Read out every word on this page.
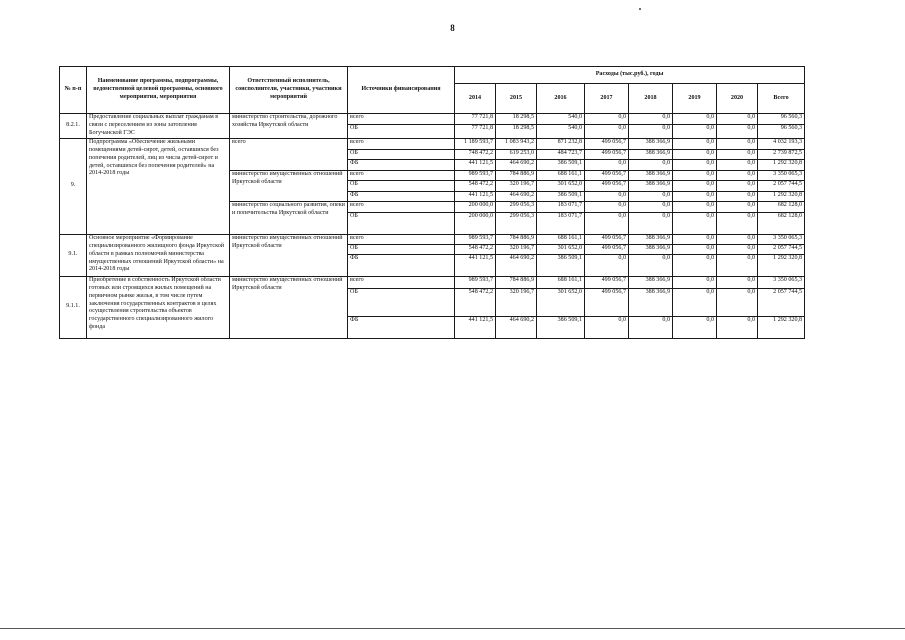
8
№ п-п	Наименование программы, подпрограммы, ведомственной целевой программы, основного мероприятия, мероприятия	Ответственный исполнитель, соисполнители, участники, участники мероприятий	Источники финансирования	Расходы (тыс.руб.), годы							
				2014	2015	2016	2017	2018	2019	2020	Всего
8.2.1.	Предоставление социальных выплат гражданам в связи с переселением из зоны затопления Богучанской ГЭС	министерство строительства, дорожного хозяйства Иркутской области	всего	77 721,8	18 298,5	540,0	0,0	0,0	0,0	0,0	96 560,3
			ОБ	77 721,8	18 298,5	540,0	0,0	0,0	0,0	0,0	96 560,3
9.	Подпрограмма «Обеспечение жильными помещениями детей-сирот, детей, оставшихся без попечения родителей, лиц из числа детей-сирот и детей, оставшихся без попечения родителей» на 2014-2018 годы	всего	всего	1 189 593,7	1 083 943,2	871 232,8	499 056,7	388 366,9	0,0	0,0	4 032 193,3
			ОБ	748 472,2	619 253,0	484 723,7	499 056,7	388 366,9	0,0	0,0	2 739 872,5
			ФБ	441 121,5	464 690,2	386 509,1	0,0	0,0	0,0	0,0	1 292 320,8
		министерство имущественных отношений Иркутской области	всего	989 593,7	784 886,9	688 161,1	499 056,7	388 366,9	0,0	0,0	3 350 065,3
			ОБ	548 472,2	320 196,7	301 652,0	499 056,7	388 366,9	0,0	0,0	2 057 744,5
			ФБ	441 121,5	464 690,2	386 509,1	0,0	0,0	0,0	0,0	1 292 320,8
		министерство социального развития, опеки и попечительства Иркутской области	всего	200 000,0	299 056,3	183 071,7	0,0	0,0	0,0	0,0	682 128,0
			ОБ	200 000,0	299 056,3	183 071,7	0,0	0,0	0,0	0,0	682 128,0
9.1.	Основное мероприятие «Формирование специализированного жилищного фонда Иркутской области в рамках полномочий министерства имущественных отношений Иркутской области» на 2014-2018 годы	министерство имущественных отношений Иркутской области	всего	989 593,7	784 886,9	688 161,1	499 056,7	388 366,9	0,0	0,0	3 350 065,3
			ОБ	548 472,2	320 196,7	301 652,0	499 056,7	388 366,9	0,0	0,0	2 057 744,5
			ФБ	441 121,5	464 690,2	386 509,1	0,0	0,0	0,0	0,0	1 292 320,8
9.1.1.	Приобретение в собственность Иркутской области готовых или строящихся жилых помещений на первичном рынке жилья, в том числе путем заключения государственных контрактов в целях осуществления строительства объектов государственного специализированного жилого фонда	министерство имущественных отношений Иркутской области	всего	989 593,7	784 886,9	688 161,1	499 056,7	388 366,9	0,0	0,0	3 350 065,3
			ОБ	548 472,2	320 196,7	301 652,0	499 056,7	388 366,9	0,0	0,0	2 057 744,5
			ФБ	441 121,5	464 690,2	386 509,1	0,0	0,0	0,0	0,0	1 292 320,8
